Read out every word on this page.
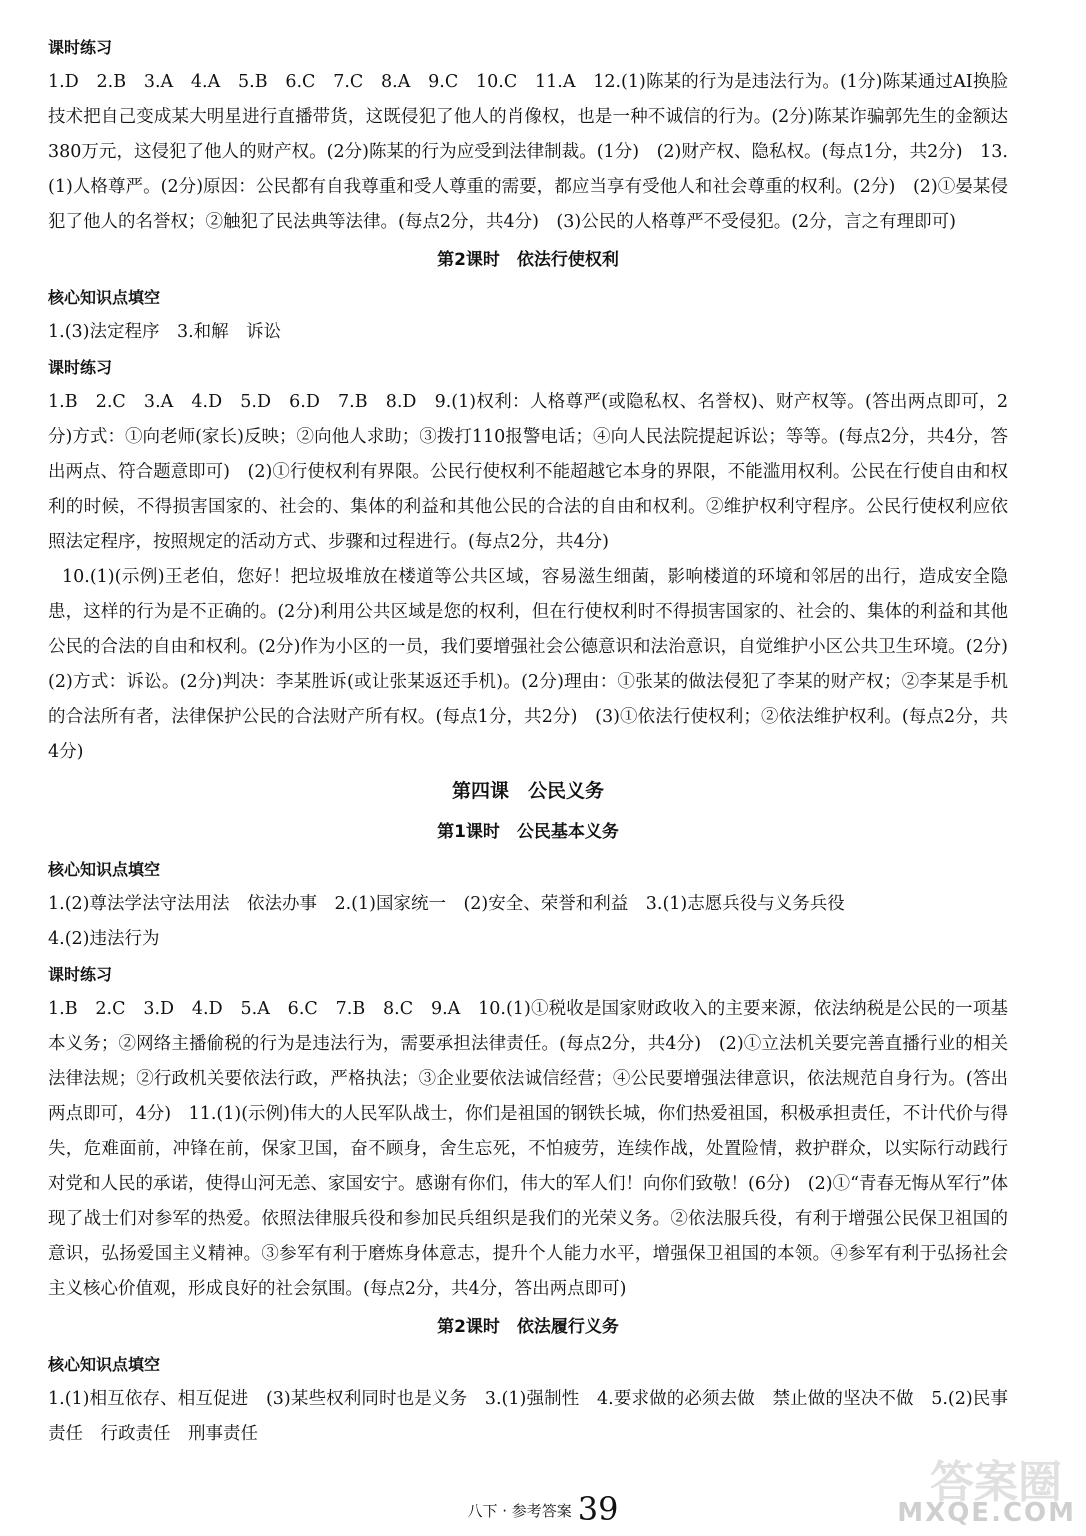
课时练习

1.D　2.B　3.A　4.A　5.B　6.C　7.C　8.A　9.C　10.C　11.A　12.(1)陈某的行为是违法行为。(1分)陈某通过AI换脸技术把自己变成某大明星进行直播带货，这既侵犯了他人的肖像权，也是一种不诚信的行为。(2分)陈某诈骗郭先生的金额达380万元，这侵犯了他人的财产权。(2分)陈某的行为应受到法律制裁。(1分)　(2)财产权、隐私权。(每点1分，共2分)　13.(1)人格尊严。(2分)原因：公民都有自我尊重和受人尊重的需要，都应当享有受他人和社会尊重的权利。(2分)　(2)①晏某侵犯了他人的名誉权；②触犯了民法典等法律。(每点2分，共4分)　(3)公民的人格尊严不受侵犯。(2分，言之有理即可)

第2课时　依法行使权利
核心知识点填空

1.(3)法定程序　3.和解　诉讼

课时练习

1.B　2.C　3.A　4.D　5.D　6.D　7.B　8.D　9.(1)权利：人格尊严(或隐私权、名誉权)、财产权等。(答出两点即可，2分)方式：①向老师(家长)反映；②向他人求助；③拨打110报警电话；④向人民法院提起诉讼；等等。(每点2分，共4分，答出两点、符合题意即可)　(2)①行使权利有界限。公民行使权利不能超越它本身的界限，不能滥用权利。公民在行使自由和权利的时候，不得损害国家的、社会的、集体的利益和其他公民的合法的自由和权利。②维护权利守程序。公民行使权利应依照法定程序，按照规定的活动方式、步骤和过程进行。(每点2分，共4分)

10.(1)(示例)王老伯，您好！把垃圾堆放在楼道等公共区域，容易滋生细菌，影响楼道的环境和邻居的出行，造成安全隐患，这样的行为是不正确的。(2分)利用公共区域是您的权利，但在行使权利时不得损害国家的、社会的、集体的利益和其他公民的合法的自由和权利。(2分)作为小区的一员，我们要增强社会公德意识和法治意识，自觉维护小区公共卫生环境。(2分)　(2)方式：诉讼。(2分)判决：李某胜诉(或让张某返还手机)。(2分)理由：①张某的做法侵犯了李某的财产权；②李某是手机的合法所有者，法律保护公民的合法财产所有权。(每点1分，共2分)　(3)①依法行使权利；②依法维护权利。(每点2分，共4分)

第四课　公民义务
第1课时　公民基本义务
核心知识点填空

1.(2)尊法学法守法用法　依法办事　2.(1)国家统一　(2)安全、荣誉和利益　3.(1)志愿兵役与义务兵役

4.(2)违法行为

课时练习

1.B　2.C　3.D　4.D　5.A　6.C　7.B　8.C　9.A　10.(1)①税收是国家财政收入的主要来源，依法纳税是公民的一项基本义务；②网络主播偷税的行为是违法行为，需要承担法律责任。(每点2分，共4分)　(2)①立法机关要完善直播行业的相关法律法规；②行政机关要依法行政，严格执法；③企业要依法诚信经营；④公民要增强法律意识，依法规范自身行为。(答出两点即可，4分)　11.(1)(示例)伟大的人民军队战士，你们是祖国的钢铁长城，你们热爱祖国，积极承担责任，不计代价与得失，危难面前，冲锋在前，保家卫国，奋不顾身，舍生忘死，不怕疲劳，连续作战，处置险情，救护群众，以实际行动践行对党和人民的承诺，使得山河无恙、家国安宁。感谢有你们，伟大的军人们！向你们致敬！(6分)　(2)①“青春无悔从军行”体现了战士们对参军的热爱。依照法律服兵役和参加民兵组织是我们的光荣义务。②依法服兵役，有利于增强公民保卫祖国的意识，弘扬爱国主义精神。③参军有利于磨炼身体意志，提升个人能力水平，增强保卫祖国的本领。④参军有利于弘扬社会主义核心价值观，形成良好的社会氛围。(每点2分，共4分，答出两点即可)

第2课时　依法履行义务
核心知识点填空

1.(1)相互依存、相互促进　(3)某些权利同时也是义务　3.(1)强制性　4.要求做的必须去做　禁止做的坚决不做　5.(2)民事责任　行政责任　刑事责任

八下 · 参考答案 39
答案圈
MXQE.COM
